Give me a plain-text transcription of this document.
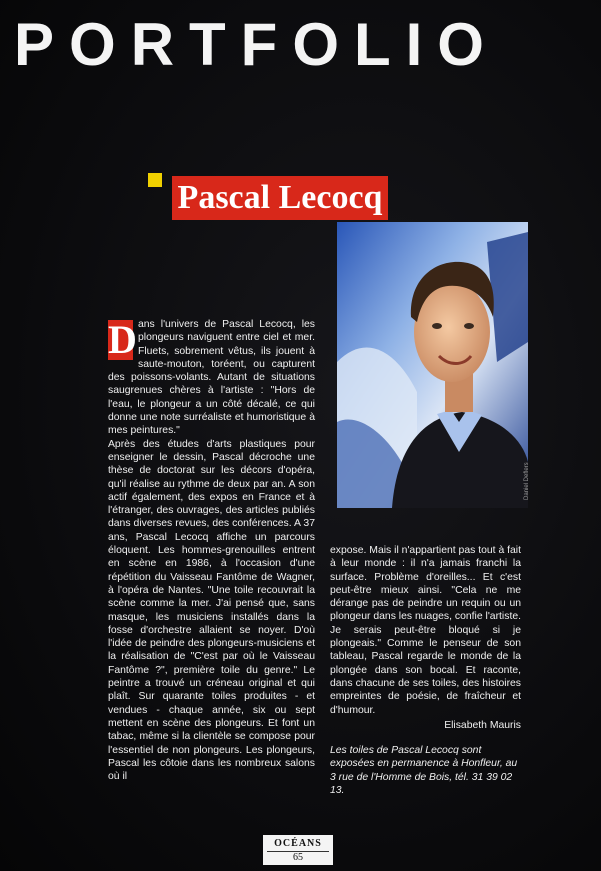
PORTFOLIO
Pascal Lecocq
Daniel Deflers
D ans l'univers de Pascal Lecocq, les plongeurs naviguent entre ciel et mer. Fluets, sobrement vêtus, ils jouent à saute-mouton, toréent, ou capturent des poissons-volants. Autant de situations saugrenues chères à l'artiste : "Hors de l'eau, le plongeur a un côté décalé, ce qui donne une note surréaliste et humoristique à mes peintures."

Après des études d'arts plastiques pour enseigner le dessin, Pascal décroche une thèse de doctorat sur les décors d'opéra, qu'il réalise au rythme de deux par an. A son actif également, des expos en France et à l'étranger, des ouvrages, des articles publiés dans diverses revues, des conférences. A 37 ans, Pascal Lecocq affiche un parcours éloquent. Les hommes-grenouilles entrent en scène en 1986, à l'occasion d'une répétition du Vaisseau Fantôme de Wagner, à l'opéra de Nantes. "Une toile recouvrait la scène comme la mer. J'ai pensé que, sans masque, les musiciens installés dans la fosse d'orchestre allaient se noyer. D'où l'idée de peindre des plongeurs-musiciens et la réalisation de "C'est par où le Vaisseau Fantôme ?", première toile du genre." Le peintre a trouvé un créneau original et qui plaît. Sur quarante toiles produites - et vendues - chaque année, six ou sept mettent en scène des plongeurs. Et font un tabac, même si la clientèle se compose pour l'essentiel de non plongeurs. Les plongeurs, Pascal les côtoie dans les nombreux salons où il

expose. Mais il n'appartient pas tout à fait à leur monde : il n'a jamais franchi la surface. Problème d'oreilles... Et c'est peut-être mieux ainsi. "Cela ne me dérange pas de peindre un requin ou un plongeur dans les nuages, confie l'artiste. Je serais peut-être bloqué si je plongeais." Comme le penseur de son tableau, Pascal regarde le monde de la plongée dans son bocal. Et raconte, dans chacune de ses toiles, des histoires empreintes de poésie, de fraîcheur et d'humour.

Elisabeth Mauris

Les toiles de Pascal Lecocq sont exposées en permanence à Honfleur, au 3 rue de l'Homme de Bois, tél. 31 39 02 13.

OCÉANS
65
